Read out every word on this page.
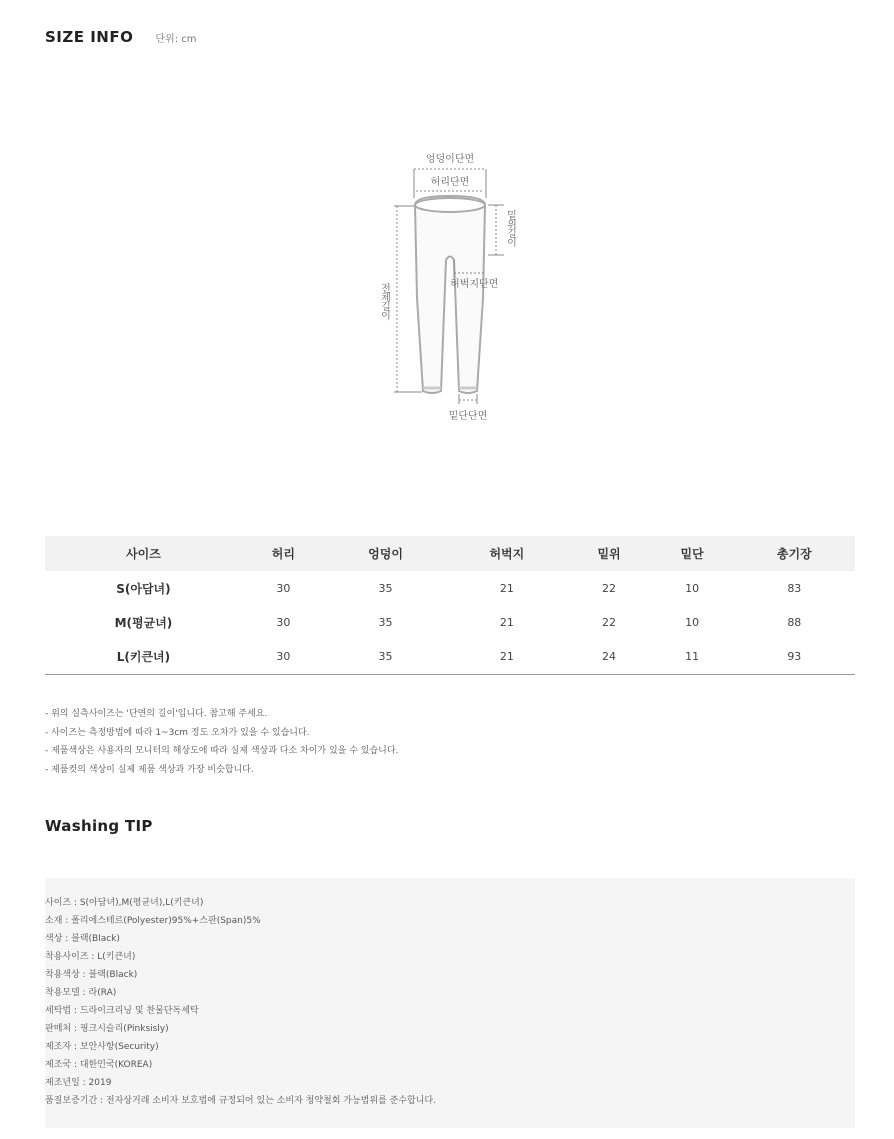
SIZE INFO 단위: cm
엉덩이단면
허리단면
밑위길이
허벅지단면
전체길이
밑단단면
사이즈	허리	엉덩이	허벅지	밑위	밑단	총기장
S(아담녀)	30	35	21	22	10	83
M(평균녀)	30	35	21	22	10	88
L(키큰녀)	30	35	21	24	11	93

- 위의 실측사이즈는 '단면의 길이'입니다. 참고해 주세요.

- 사이즈는 측정방법에 따라 1~3cm 정도 오차가 있을 수 있습니다.

- 제품색상은 사용자의 모니터의 해상도에 따라 실제 색상과 다소 차이가 있을 수 있습니다.

- 제품컷의 색상이 실제 제품 색상과 가장 비슷합니다.

Washing TIP

사이즈 : S(아담녀),M(평균녀),L(키큰녀)

소재 : 폴리에스테르(Polyester)95%+스판(Span)5%

색상 : 블랙(Black)

착용사이즈 : L(키큰녀)

착용색상 : 블랙(Black)

착용모델 : 라(RA)

세탁법 : 드라이크리닝 및 찬물단독세탁

판매처 : 핑크시슬리(Pinksisly)

제조자 : 보안사항(Security)

제조국 : 대한민국(KOREA)

제조년일 : 2019

품질보증기간 : 전자상거래 소비자 보호법에 규정되어 있는 소비자 청약철회 가능범위를 준수합니다.
